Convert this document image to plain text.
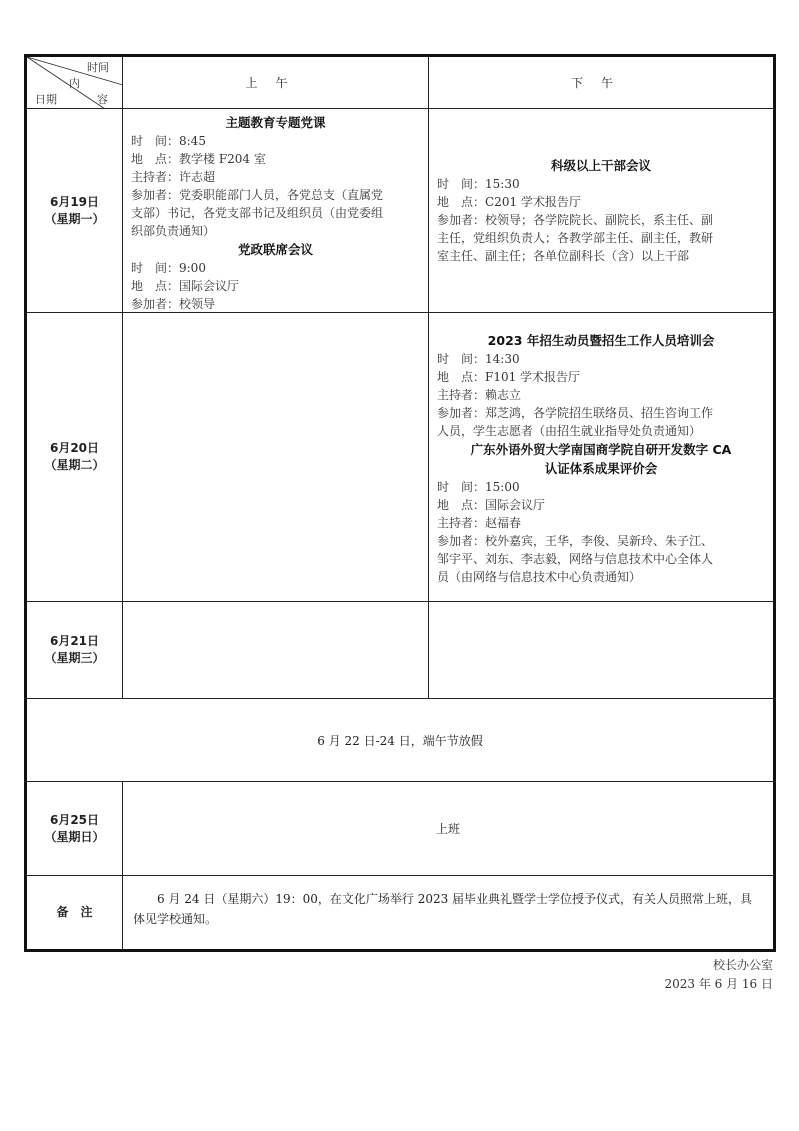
时间
内
容
日期
上午	下午
6月19日
（星期一）
主题教育专题党课
时　间：8:45
地　点：教学楼 F204 室
主持者：许志超
参加者：党委职能部门人员，各党总支（直属党
支部）书记，各党支部书记及组织员（由党委组
织部负责通知）
党政联席会议
时　间：9:00
地　点：国际会议厅
参加者：校领导
科级以上干部会议
时　间：15:30
地　点：C201 学术报告厅
参加者：校领导；各学院院长、副院长，系主任、副
主任，党组织负责人；各教学部主任、副主任，教研
室主任、副主任；各单位副科长（含）以上干部
6月20日
（星期二）
2023 年招生动员暨招生工作人员培训会
时　间：14:30
地　点：F101 学术报告厅
主持者：赖志立
参加者：郑芝鸿，各学院招生联络员、招生咨询工作
人员，学生志愿者（由招生就业指导处负责通知）
广东外语外贸大学南国商学院自研开发数字 CA
认证体系成果评价会
时　间：15:00
地　点：国际会议厅
主持者：赵福春
参加者：校外嘉宾，王华，李俊、吴新玲、朱子江、
邹宇平、刘东、李志毅，网络与信息技术中心全体人
员（由网络与信息技术中心负责通知）
6月21日
（星期三）
6 月 22 日-24 日，端午节放假
6月25日
（星期日）
上班
备　注
6 月 24 日（星期六）19：00，在文化广场举行 2023 届毕业典礼暨学士学位授予仪式，有关人员照常上班，具体见学校通知。
校长办公室
2023 年 6 月 16 日
